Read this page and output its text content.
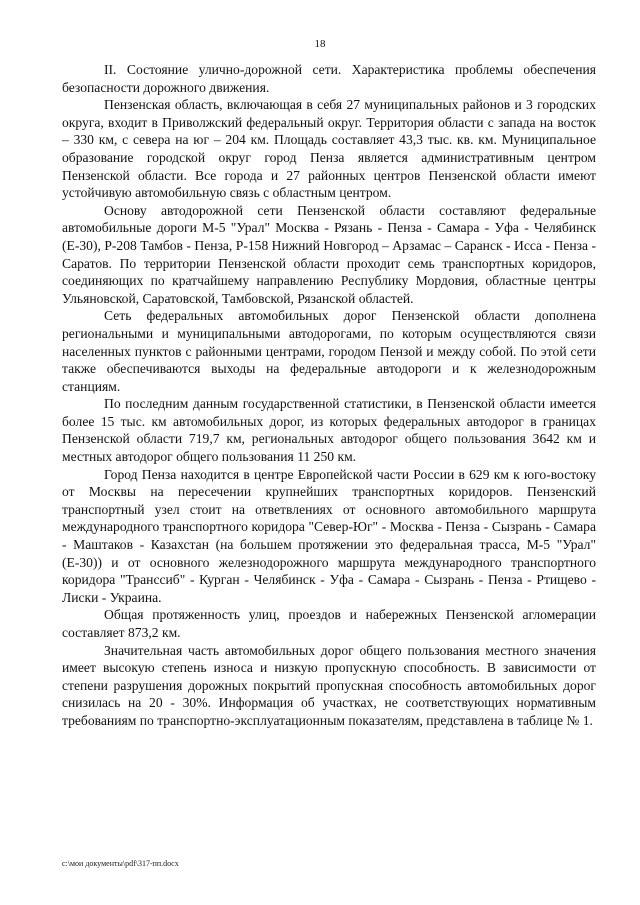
18

II. Состояние улично-дорожной сети. Характеристика проблемы обеспечения безопасности дорожного движения.

Пензенская область, включающая в себя 27 муниципальных районов и 3 городских округа, входит в Приволжский федеральный округ. Территория области с запада на восток – 330 км, с севера на юг – 204 км. Площадь составляет 43,3 тыс. кв. км. Муниципальное образование городской округ город Пенза является административным центром Пензенской области. Все города и 27 районных центров Пензенской области имеют устойчивую автомобильную связь с областным центром.

Основу автодорожной сети Пензенской области составляют федеральные автомобильные дороги М-5 "Урал" Москва - Рязань - Пенза - Самара - Уфа - Челябинск (Е-30), Р-208 Тамбов - Пенза, Р-158 Нижний Новгород – Арзамас – Саранск - Исса - Пенза - Саратов. По территории Пензенской области проходит семь транспортных коридоров, соединяющих по кратчайшему направлению Республику Мордовия, областные центры Ульяновской, Саратовской, Тамбовской, Рязанской областей.

Сеть федеральных автомобильных дорог Пензенской области дополнена региональными и муниципальными автодорогами, по которым осуществляются связи населенных пунктов с районными центрами, городом Пензой и между собой. По этой сети также обеспечиваются выходы на федеральные автодороги и к железнодорожным станциям.

По последним данным государственной статистики, в Пензенской области имеется более 15 тыс. км автомобильных дорог, из которых федеральных автодорог в границах Пензенской области 719,7 км, региональных автодорог общего пользования 3642 км и местных автодорог общего пользования 11 250 км.

Город Пенза находится в центре Европейской части России в 629 км к юго-востоку от Москвы на пересечении крупнейших транспортных коридоров. Пензенский транспортный узел стоит на ответвлениях от основного автомобильного маршрута международного транспортного коридора "Север-Юг" - Москва - Пенза - Сызрань - Самара - Маштаков - Казахстан (на большем протяжении это федеральная трасса, М-5 "Урал" (Е-30)) и от основного железнодорожного маршрута международного транспортного коридора "Транссиб" - Курган - Челябинск - Уфа - Самара - Сызрань - Пенза - Ртищево - Лиски - Украина.

Общая протяженность улиц, проездов и набережных Пензенской агломерации составляет 873,2 км.

Значительная часть автомобильных дорог общего пользования местного значения имеет высокую степень износа и низкую пропускную способность. В зависимости от степени разрушения дорожных покрытий пропускная способность автомобильных дорог снизилась на 20 - 30%. Информация об участках, не соответствующих нормативным требованиям по транспортно-эксплуатационным показателям, представлена в таблице № 1.

c:\мои документы\pdf\317-пп.docx
